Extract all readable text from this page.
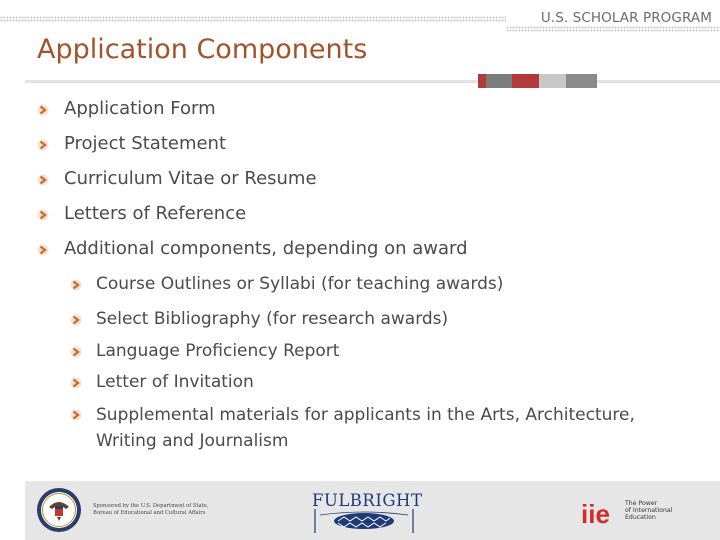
U.S. SCHOLAR PROGRAM
Application Components
Application Form
Project Statement
Curriculum Vitae or Resume
Letters of Reference
Additional components, depending on award
Course Outlines or Syllabi (for teaching awards)
Select Bibliography (for research awards)
Language Proficiency Report
Letter of Invitation
Supplemental materials for applicants in the Arts, Architecture,
Writing and Journalism
Sponsored by the U.S. Department of State,
Bureau of Educational and Cultural Affairs
FULBRIGHT	iie The Power
of International
Education
